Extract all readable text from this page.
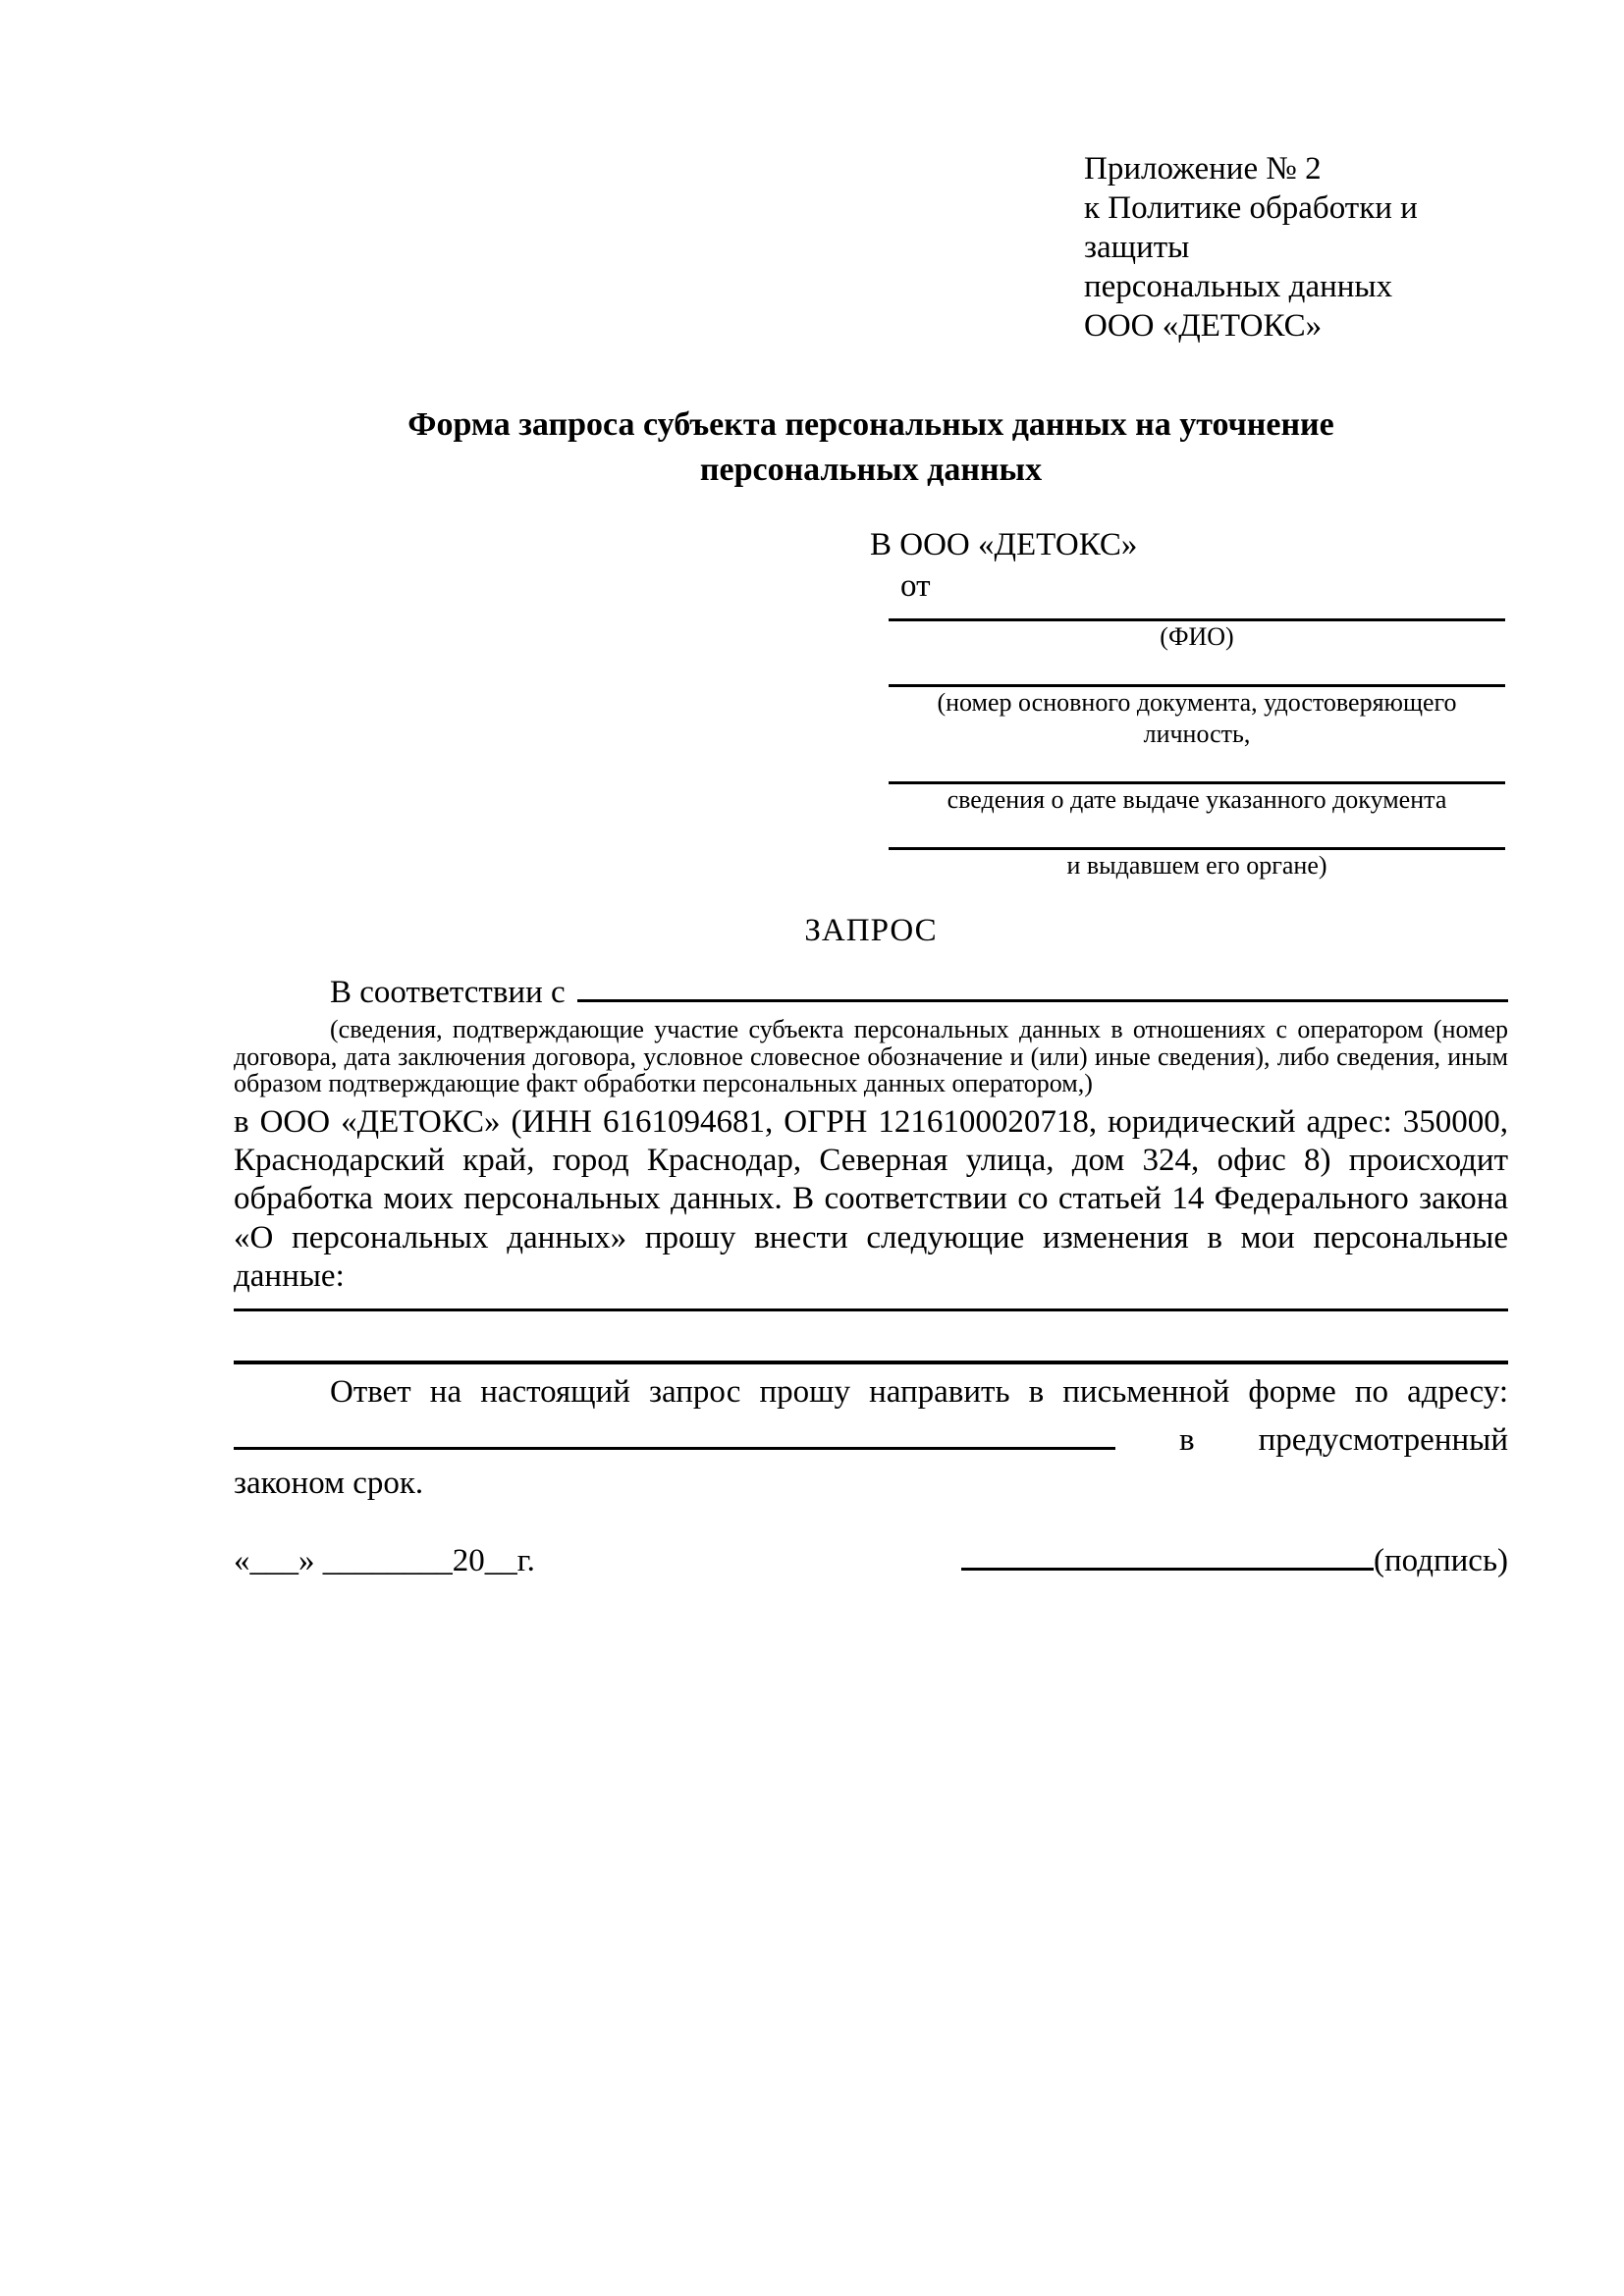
Приложение № 2
к Политике обработки и защиты
персональных данных
ООО «ДЕТОКС»
Форма запроса субъекта персональных данных на уточнение
персональных данных
В ООО «ДЕТОКС»
от
(ФИО)
(номер основного документа, удостоверяющего личность,
сведения о дате выдаче указанного документа
и выдавшем его органе)
ЗАПРОС
В соответствии с
(сведения, подтверждающие участие субъекта персональных данных в отношениях с оператором (номер договора, дата заключения договора, условное словесное обозначение и (или) иные сведения), либо сведения, иным образом подтверждающие факт обработки персональных данных оператором,)
в ООО «ДЕТОКС» (ИНН 6161094681, ОГРН 1216100020718, юридический адрес: 350000, Краснодарский край, город Краснодар, Северная улица, дом 324, офис 8) происходит обработка моих персональных данных. В соответствии со статьей 14 Федерального закона «О персональных данных» прошу внести следующие изменения в мои персональные данные:
Ответ на настоящий запрос прошу направить в письменной форме по адресу:
в предусмотренный
законом срок.
«___» ________20__г.	(подпись)
